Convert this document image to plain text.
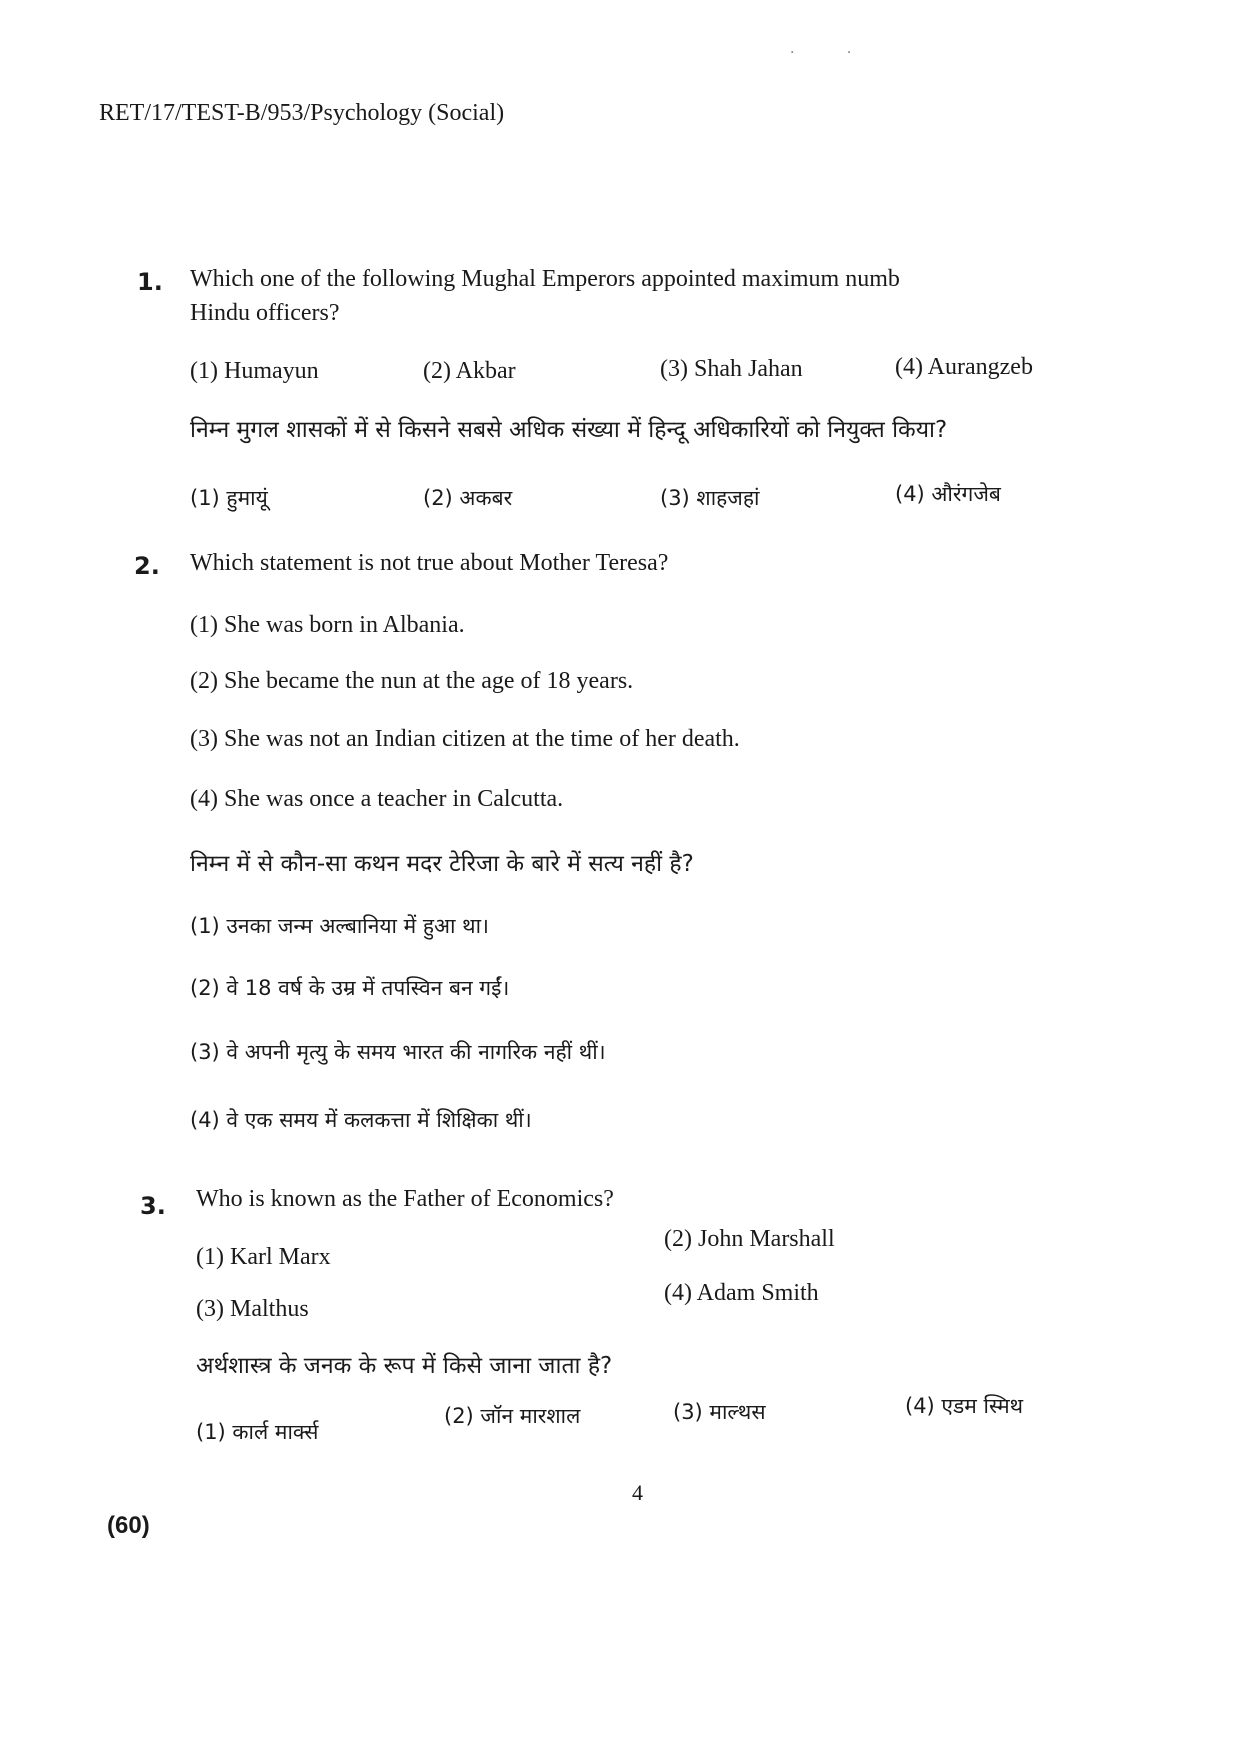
· ·
RET/17/TEST-B/953/Psychology (Social)
1. Which one of the following Mughal Emperors appointed maximum numb
Hindu officers?
(1) Humayun	(2) Akbar	(3) Shah Jahan	(4) Aurangzeb
निम्न मुगल शासकों में से किसने सबसे अधिक संख्या में हिन्दू अधिकारियों को नियुक्त किया?
(1) हुमायूं	(2) अकबर	(3) शाहजहां	(4) औरंगजेब
2. Which statement is not true about Mother Teresa?
(1) She was born in Albania.
(2) She became the nun at the age of 18 years.
(3) She was not an Indian citizen at the time of her death.
(4) She was once a teacher in Calcutta.
निम्न में से कौन-सा कथन मदर टेरिजा के बारे में सत्य नहीं है?
(1) उनका जन्म अल्बानिया में हुआ था।
(2) वे 18 वर्ष के उम्र में तपस्विन बन गईं।
(3) वे अपनी मृत्यु के समय भारत की नागरिक नहीं थीं।
(4) वे एक समय में कलकत्ता में शिक्षिका थीं।
3. Who is known as the Father of Economics?
(1) Karl Marx
(2) John Marshall
(3) Malthus
(4) Adam Smith
अर्थशास्त्र के जनक के रूप में किसे जाना जाता है?
(1) कार्ल मार्क्स
(2) जॉन मारशाल	(3) माल्थस	(4) एडम स्मिथ
4
(60)
